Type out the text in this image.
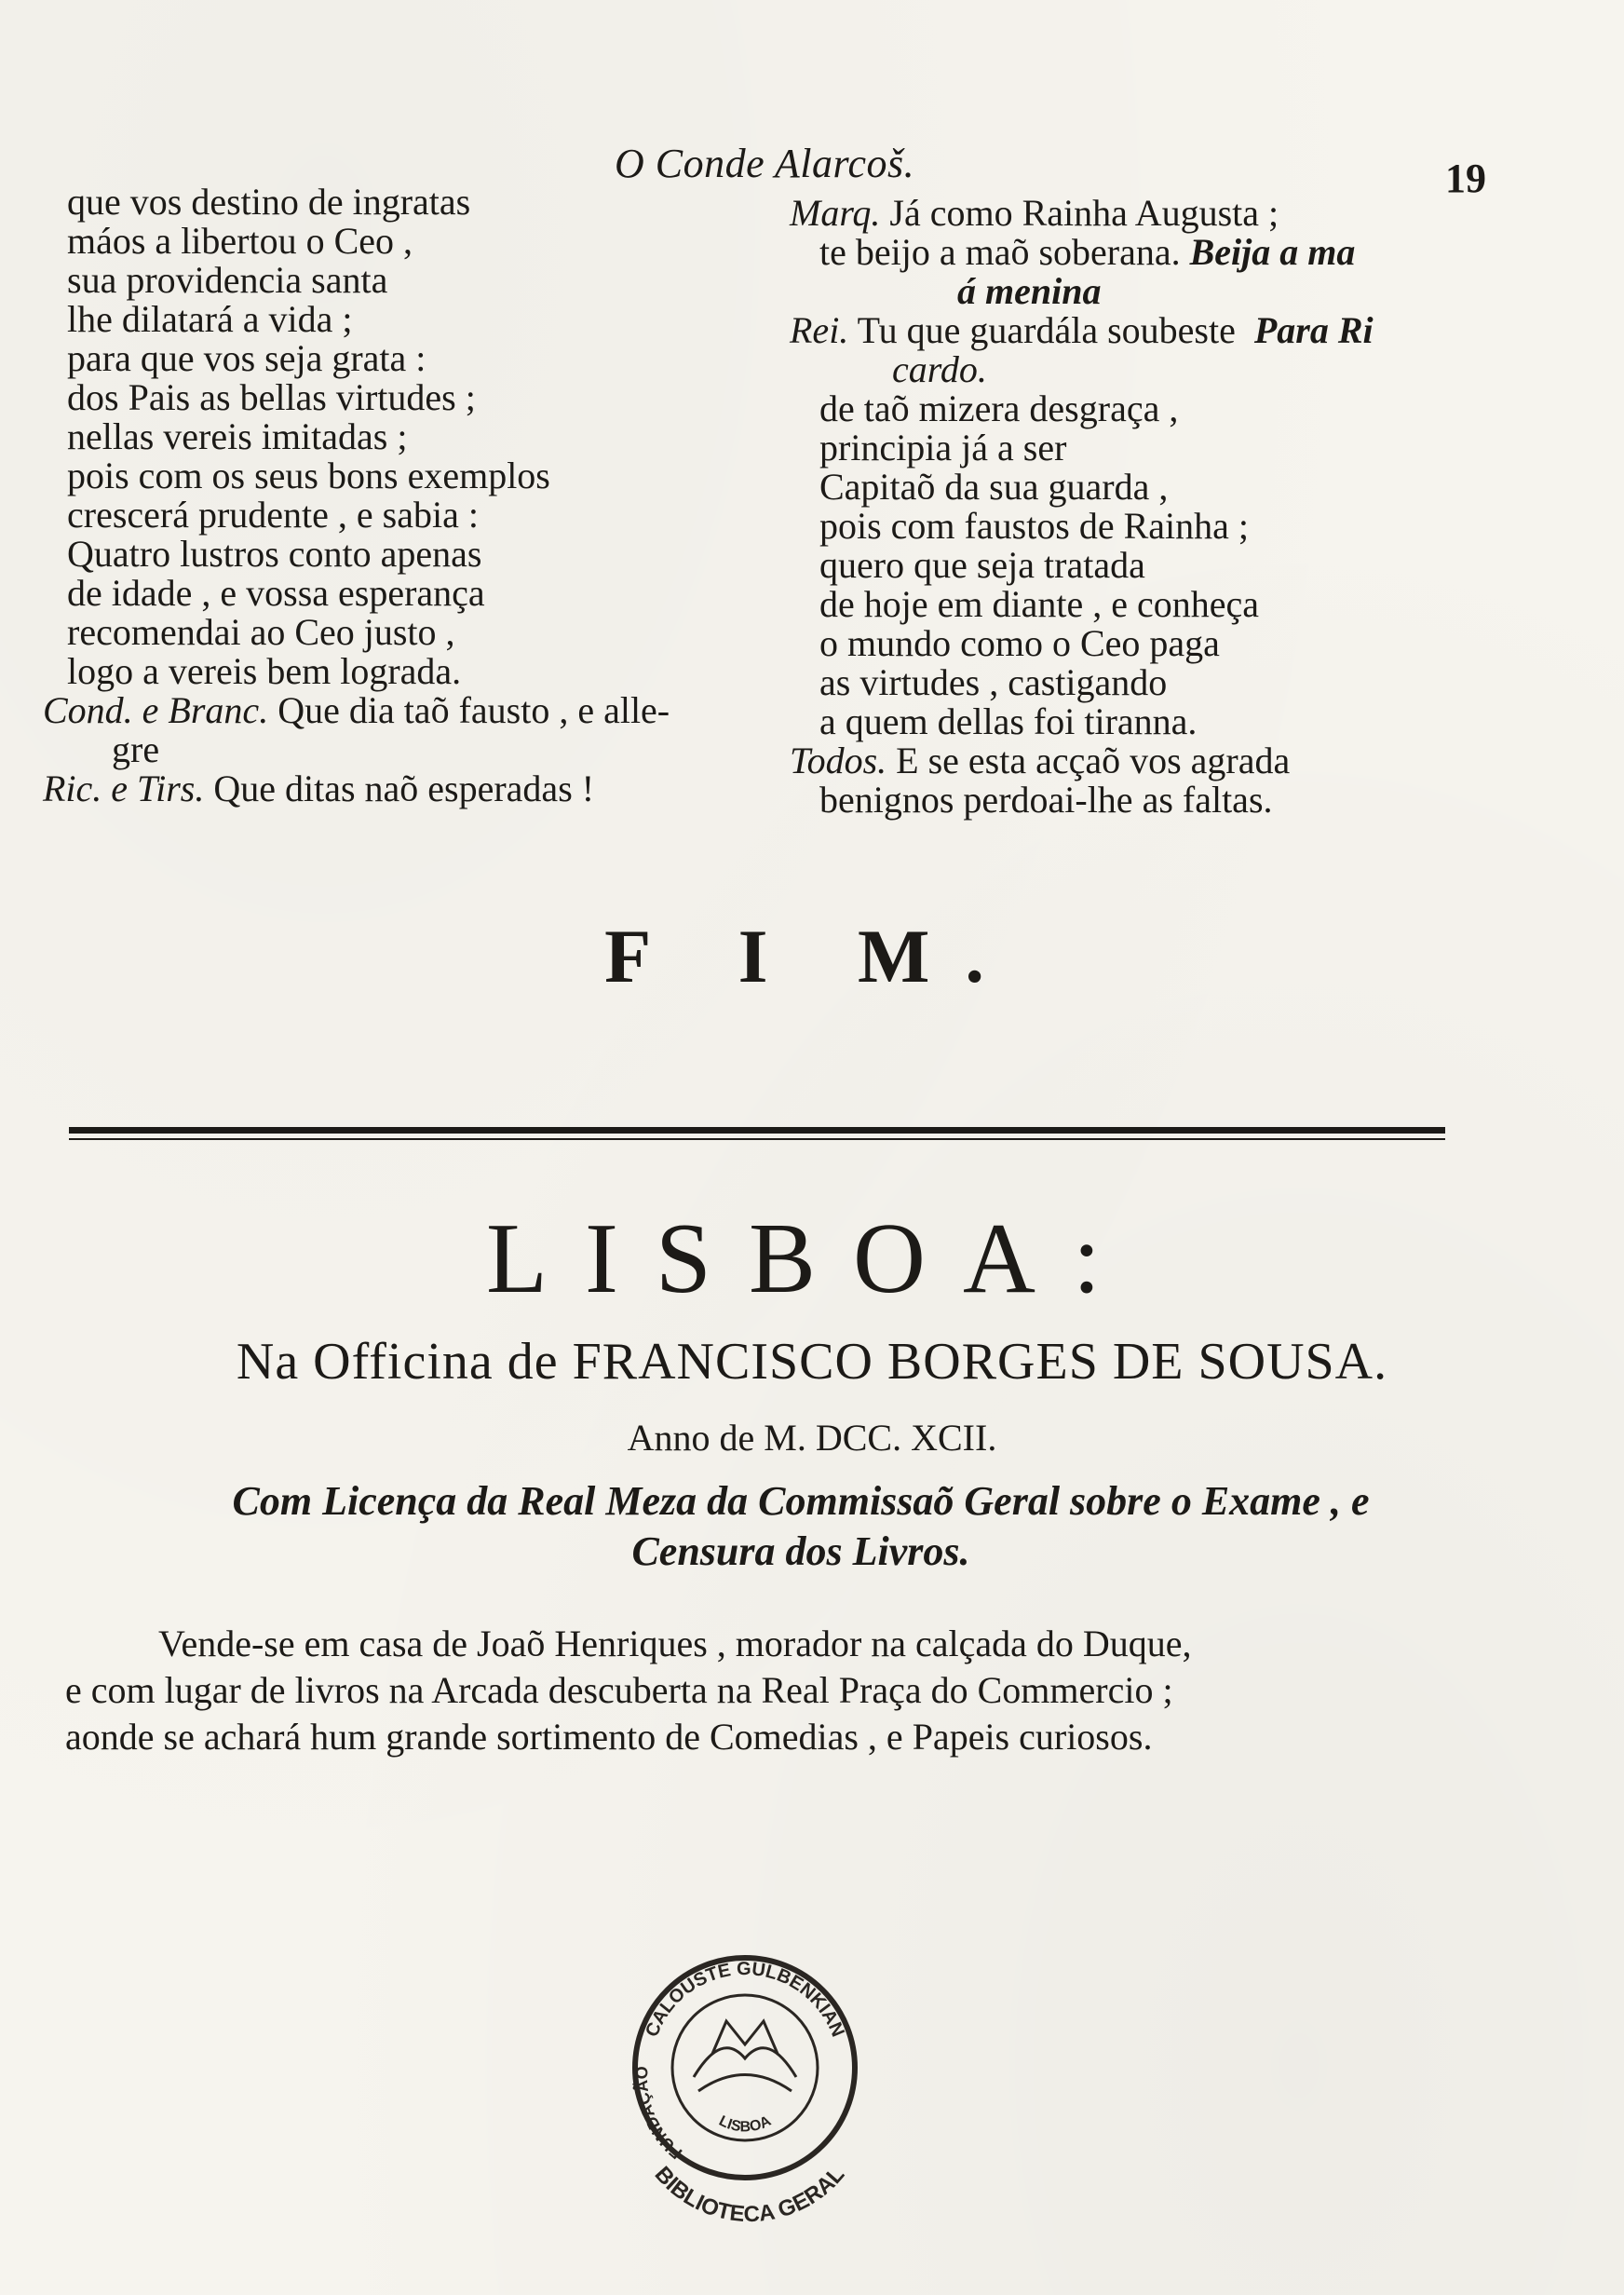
O Conde Alarcoš.	19
que vos destino de ingratas
máos a libertou o Ceo ,
sua providencia santa
lhe dilatará a vida ;
para que vos seja grata :
dos Pais as bellas virtudes ;
nellas vereis imitadas ;
pois com os seus bons exemplos
crescerá prudente , e sabia :
Quatro lustros conto apenas
de idade , e vossa esperança
recomendai ao Ceo justo ,
logo a vereis bem lograda.
Cond. e Branc. Que dia taõ fausto , e alle-
gre
Ric. e Tirs. Que ditas naõ esperadas !
Marq. Já como Rainha Augusta ;
te beijo a maõ soberana. Beija a ma
á menina
Rei. Tu que guardála soubeste Para Ri
cardo.
de taõ mizera desgraça ,
principia já a ser
Capitaõ da sua guarda ,
pois com faustos de Rainha ;
quero que seja tratada
de hoje em diante , e conheça
o mundo como o Ceo paga
as virtudes , castigando
a quem dellas foi tiranna.
Todos. E se esta acçaõ vos agrada
benignos perdoai-lhe as faltas.
F I M.
LISBOA:
Na Officina de FRANCISCO BORGES DE SOUSA.
Anno de M. DCC. XCII.
Com Licença da Real Meza da Commissaõ Geral sobre o Exame , e
Censura dos Livros.
Vende-se em casa de Joaõ Henriques , morador na calçada do Duque,
e com lugar de livros na Arcada descuberta na Real Praça do Commercio ;
aonde se achará hum grande sortimento de Comedias , e Papeis curiosos.
CALOUSTE GULBENKIAN
FUNDAÇÃO
LISBOA
BIBLIOTECA GERAL
